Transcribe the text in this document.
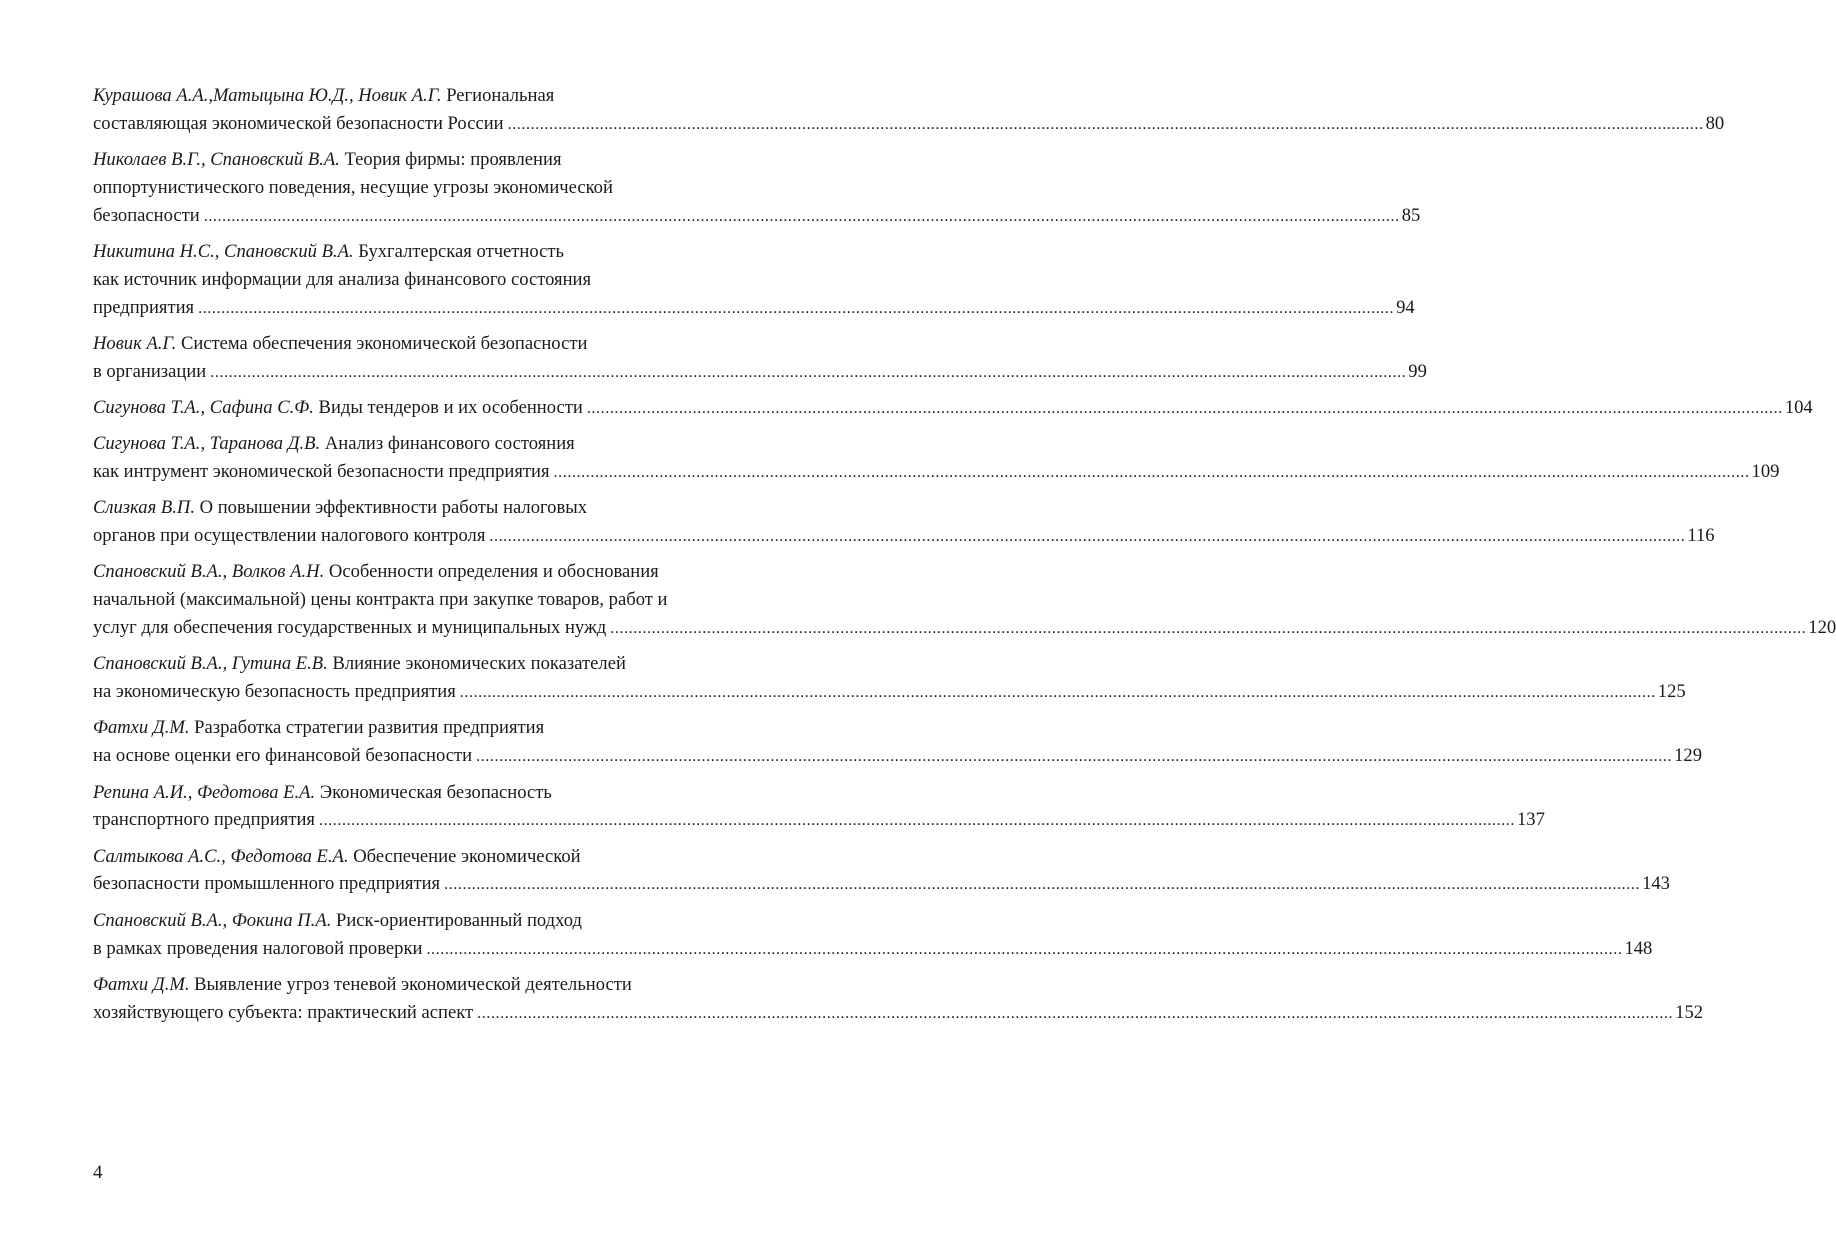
Курашова А.А.,Матыцына Ю.Д., Новик А.Г. Региональная
составляющая экономической безопасности России .................................................................................................................................................................................................................................................................... 80
Николаев В.Г., Спановский В.А. Теория фирмы: проявления
оппортунистического поведения, несущие угрозы экономической
безопасности .................................................................................................................................................................................................................................................................... 85
Никитина Н.С., Спановский В.А. Бухгалтерская отчетность
как источник информации для анализа финансового состояния
предприятия .................................................................................................................................................................................................................................................................... 94
Новик А.Г. Система обеспечения экономической безопасности
в организации .................................................................................................................................................................................................................................................................... 99
Сигунова Т.А., Сафина С.Ф. Виды тендеров и их особенности .................................................................................................................................................................................................................................................................... 104
Сигунова Т.А., Таранова Д.В. Анализ финансового состояния
как интрумент экономической безопасности предприятия .................................................................................................................................................................................................................................................................... 109
Слизкая В.П. О повышении эффективности работы налоговых
органов при осуществлении налогового контроля .................................................................................................................................................................................................................................................................... 116
Спановский В.А., Волков А.Н. Особенности определения и обоснования
начальной (максимальной) цены контракта при закупке товаров, работ и
услуг для обеспечения государственных и муниципальных нужд .................................................................................................................................................................................................................................................................... 120
Спановский В.А., Гутина Е.В. Влияние экономических показателей
на экономическую безопасность предприятия .................................................................................................................................................................................................................................................................... 125
Фатхи Д.М. Разработка стратегии развития предприятия
на основе оценки его финансовой безопасности .................................................................................................................................................................................................................................................................... 129
Репина А.И., Федотова Е.А. Экономическая безопасность
транспортного предприятия .................................................................................................................................................................................................................................................................... 137
Салтыкова А.С., Федотова Е.А. Обеспечение экономической
безопасности промышленного предприятия .................................................................................................................................................................................................................................................................... 143
Спановский В.А., Фокина П.А. Риск-ориентированный подход
в рамках проведения налоговой проверки .................................................................................................................................................................................................................................................................... 148
Фатхи Д.М. Выявление угроз теневой экономической деятельности
хозяйствующего субъекта: практический аспект .................................................................................................................................................................................................................................................................... 152
4
